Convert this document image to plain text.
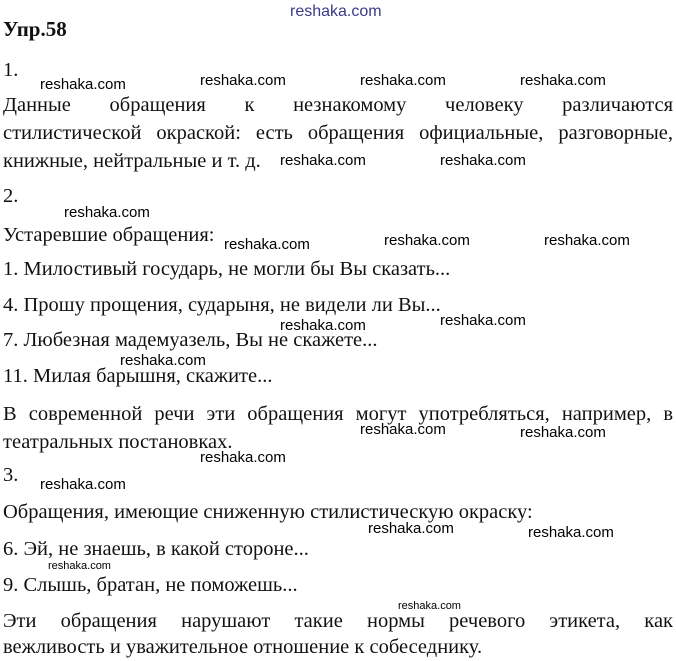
reshaka.com
Упр.58
1.
Данные обращения к незнакомому человеку различаются
стилистической окраской: есть обращения официальные, разговорные,
книжные, нейтральные и т. д.
2.
Устаревшие обращения:
1. Милостивый государь, не могли бы Вы сказать...
4. Прошу прощения, сударыня, не видели ли Вы...
7. Любезная мадемуазель, Вы не скажете...
11. Милая барышня, скажите...
В современной речи эти обращения могут употребляться, например, в
театральных постановках.
3.
Обращения, имеющие сниженную стилистическую окраску:
6. Эй, не знаешь, в какой стороне...
9. Слышь, братан, не поможешь...
Эти обращения нарушают такие нормы речевого этикета, как
вежливость и уважительное отношение к собеседнику.
reshaka.com	reshaka.com	reshaka.com	reshaka.com
reshaka.com	reshaka.com
reshaka.com
reshaka.com	reshaka.com	reshaka.com
reshaka.com	reshaka.com
reshaka.com
reshaka.com	reshaka.com
reshaka.com
reshaka.com
reshaka.com	reshaka.com
reshaka.com
reshaka.com
